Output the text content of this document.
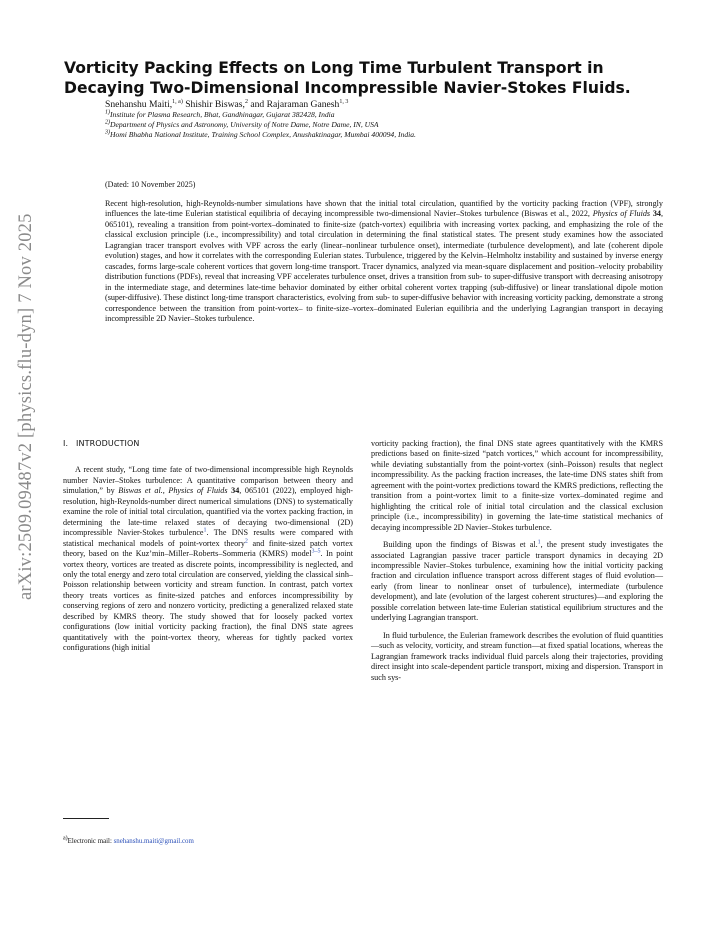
arXiv:2509.09487v2 [physics.flu-dyn] 7 Nov 2025
Vorticity Packing Effects on Long Time Turbulent Transport in Decaying Two-Dimensional Incompressible Navier-Stokes Fluids.
Snehanshu Maiti,$^{1, a)}$ Shishir Biswas,$^2$ and Rajaraman Ganesh$^{1, 3}$

$^{1)}$Institute for Plasma Research, Bhat, Gandhinagar, Gujarat 382428, India

$^{2)}$Department of Physics and Astronomy, University of Notre Dame, Notre Dame, IN, USA

$^{3)}$Homi Bhabha National Institute, Training School Complex, Anushaktinagar, Mumbai 400094, India.

(Dated: 10 November 2025)

Recent high-resolution, high-Reynolds-number simulations have shown that the initial total circulation, quantified by the vorticity packing fraction (VPF), strongly influences the late-time Eulerian statistical equilibria of decaying incompressible two-dimensional Navier–Stokes turbulence (Biswas et al., 2022, Physics of Fluids 34, 065101), revealing a transition from point-vortex–dominated to finite-size (patch-vortex) equilibria with increasing vortex packing, and emphasizing the role of the classical exclusion principle (i.e., incompressibility) and total circulation in determining the final statistical states. The present study examines how the associated Lagrangian tracer transport evolves with VPF across the early (linear–nonlinear turbulence onset), intermediate (turbulence development), and late (coherent dipole evolution) stages, and how it correlates with the corresponding Eulerian states. Turbulence, triggered by the Kelvin–Helmholtz instability and sustained by inverse energy cascades, forms large-scale coherent vortices that govern long-time transport. Tracer dynamics, analyzed via mean-square displacement and position–velocity probability distribution functions (PDFs), reveal that increasing VPF accelerates turbulence onset, drives a transition from sub- to super-diffusive transport with decreasing anisotropy in the intermediate stage, and determines late-time behavior dominated by either orbital coherent vortex trapping (sub-diffusive) or linear translational dipole motion (super-diffusive). These distinct long-time transport characteristics, evolving from sub- to super-diffusive behavior with increasing vorticity packing, demonstrate a strong correspondence between the transition from point-vortex– to finite-size–vortex–dominated Eulerian equilibria and the underlying Lagrangian transport in decaying incompressible 2D Navier–Stokes turbulence.

I. INTRODUCTION

A recent study, “Long time fate of two-dimensional incompressible high Reynolds number Navier–Stokes turbulence: A quantitative comparison between theory and simulation,” by Biswas et al., Physics of Fluids 34, 065101 (2022), employed high-resolution, high-Reynolds-number direct numerical simulations (DNS) to systematically examine the role of initial total circulation, quantified via the vortex packing fraction, in determining the late-time relaxed states of decaying two-dimensional (2D) incompressible Navier-Stokes turbulence$^1$. The DNS results were compared with statistical mechanical models of point-vortex theory$^2$ and finite-sized patch vortex theory, based on the Kuz’min–Miller–Roberts–Sommeria (KMRS) model$^{3-5}$. In point vortex theory, vortices are treated as discrete points, incompressibility is neglected, and only the total energy and zero total circulation are conserved, yielding the classical sinh–Poisson relationship between vorticity and stream function. In contrast, patch vortex theory treats vortices as finite-sized patches and enforces incompressibility by conserving regions of zero and nonzero vorticity, predicting a generalized relaxed state described by KMRS theory. The study showed that for loosely packed vortex configurations (low initial vorticity packing fraction), the final DNS state agrees quantitatively with the point-vortex theory, whereas for tightly packed vortex configurations (high initial

vorticity packing fraction), the final DNS state agrees quantitatively with the KMRS predictions based on finite-sized “patch vortices,” which account for incompressibility, while deviating substantially from the point-vortex (sinh–Poisson) results that neglect incompressibility. As the packing fraction increases, the late-time DNS states shift from agreement with the point-vortex predictions toward the KMRS predictions, reflecting the transition from a point-vortex limit to a finite-size vortex–dominated regime and highlighting the critical role of initial total circulation and the classical exclusion principle (i.e., incompressibility) in governing the late-time statistical mechanics of decaying incompressible 2D Navier–Stokes turbulence.

Building upon the findings of Biswas et al.$^1$, the present study investigates the associated Lagrangian passive tracer particle transport dynamics in decaying 2D incompressible Navier–Stokes turbulence, examining how the initial vorticity packing fraction and circulation influence transport across different stages of fluid evolution—early (from linear to nonlinear onset of turbulence), intermediate (turbulence development), and late (evolution of the largest coherent structures)—and exploring the possible correlation between late-time Eulerian statistical equilibrium structures and the underlying Lagrangian transport.

In fluid turbulence, the Eulerian framework describes the evolution of fluid quantities—such as velocity, vorticity, and stream function—at fixed spatial locations, whereas the Lagrangian framework tracks individual fluid parcels along their trajectories, providing direct insight into scale-dependent particle transport, mixing and dispersion. Transport in such sys-

$^{a)}$Electronic mail: snehanshu.maiti@gmail.com
